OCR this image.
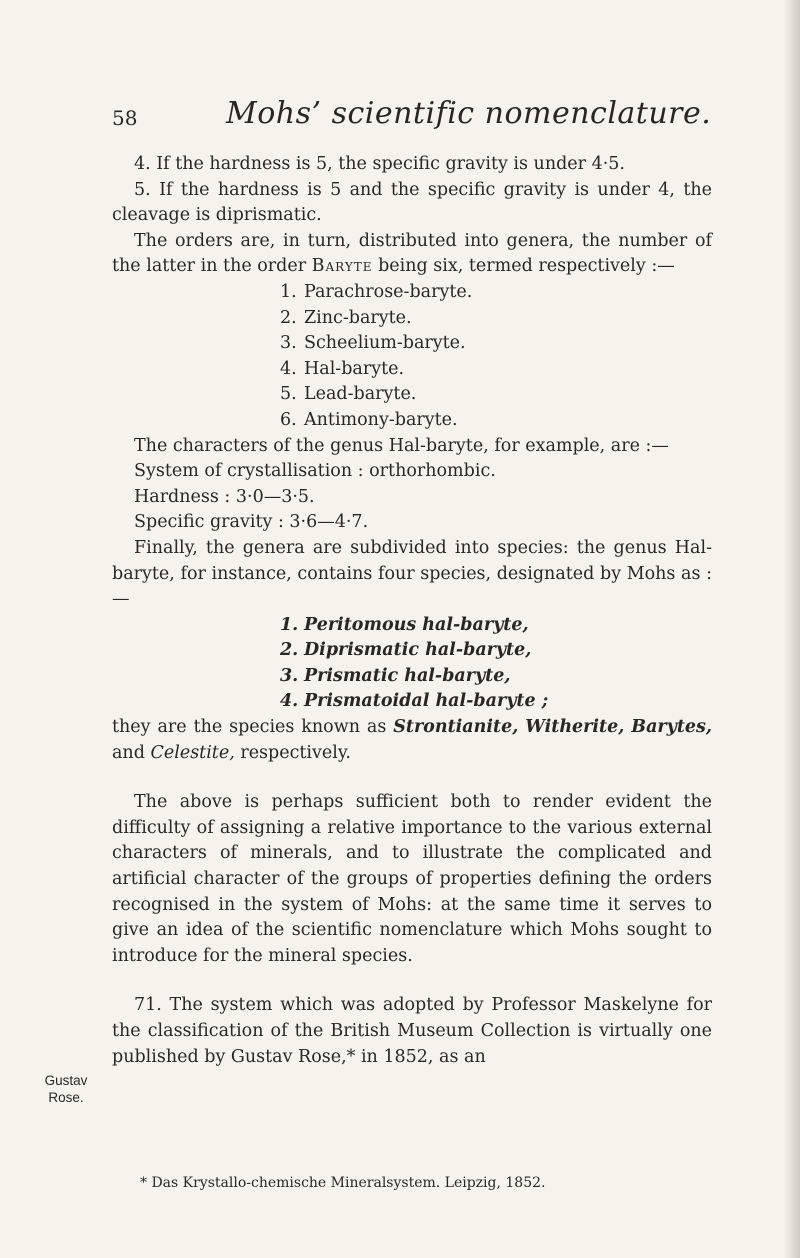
58	Mohs’ scientific nomenclature.

4. If the hardness is 5, the specific gravity is under 4·5.

5. If the hardness is 5 and the specific gravity is under 4, the cleavage is diprismatic.

The orders are, in turn, distributed into genera, the number of the latter in the order Baryte being six, termed respectively :—

1. Parachrose-baryte.
2. Zinc-baryte.
3. Scheelium-baryte.
4. Hal-baryte.
5. Lead-baryte.
6. Antimony-baryte.

The characters of the genus Hal-baryte, for example, are :—

System of crystallisation : orthorhombic.

Hardness : 3·0—3·5.

Specific gravity : 3·6—4·7.

Finally, the genera are subdivided into species: the genus Hal-baryte, for instance, contains four species, designated by Mohs as :—

1. Peritomous hal-baryte,
2. Diprismatic hal-baryte,
3. Prismatic hal-baryte,
4. Prismatoidal hal-baryte ;

they are the species known as Strontianite, Witherite, Barytes, and Celestite, respectively.

The above is perhaps sufficient both to render evident the difficulty of assigning a relative importance to the various external characters of minerals, and to illustrate the complicated and artificial character of the groups of properties defining the orders recognised in the system of Mohs: at the same time it serves to give an idea of the scientific nomenclature which Mohs sought to introduce for the mineral species.

71. The system which was adopted by Professor Maskelyne for the classification of the British Museum Collection is virtually one published by Gustav Rose,* in 1852, as an

Gustav
Rose.
* Das Krystallo-chemische Mineralsystem. Leipzig, 1852.
